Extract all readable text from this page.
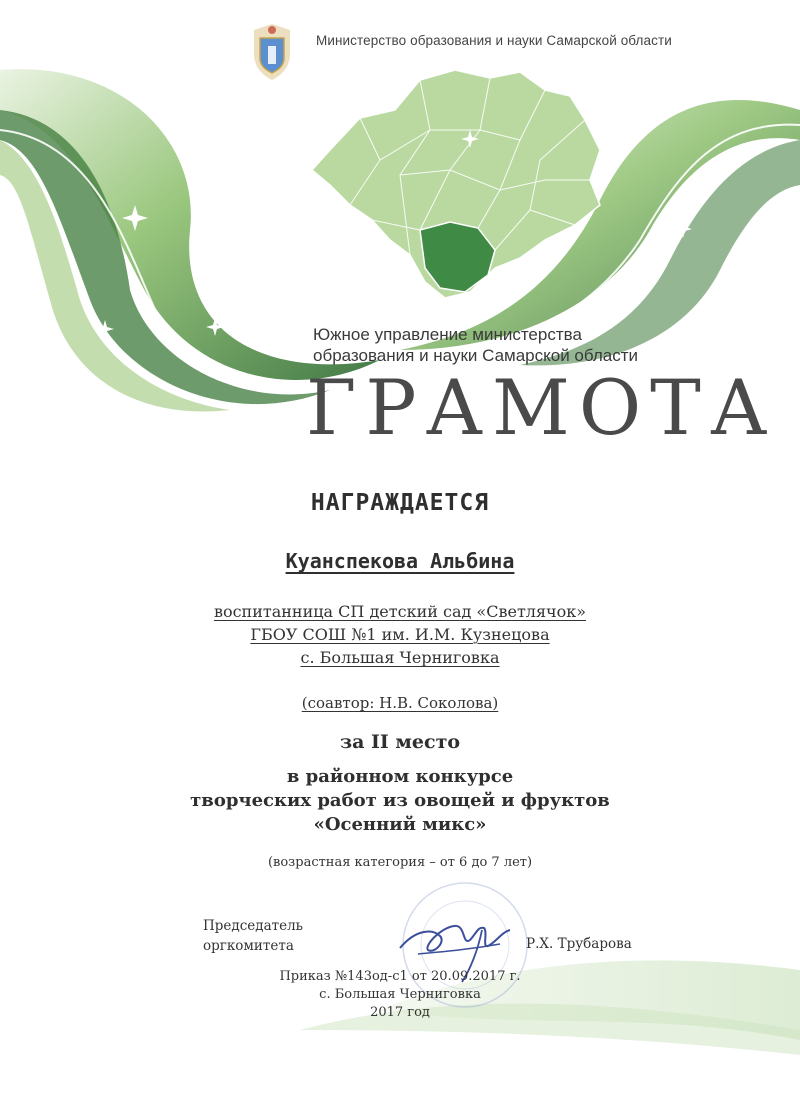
Министерство образования и науки Самарской области
Южное управление министерства
образования и науки Самарской области
ГРАМОТА
НАГРАЖДАЕТСЯ
Куанспекова Альбина
воспитанница СП детский сад «Светлячок»
ГБОУ СОШ №1 им. И.М. Кузнецова
с. Большая Черниговка
(соавтор: Н.В. Соколова)
за II место
в районном конкурсе
творческих работ из овощей и фруктов
«Осенний микс»
(возрастная категория – от 6 до 7 лет)
Председатель
оргкомитета	Р.Х. Трубарова
Приказ №143од-с1 от 20.09.2017 г.
с. Большая Черниговка
2017 год
